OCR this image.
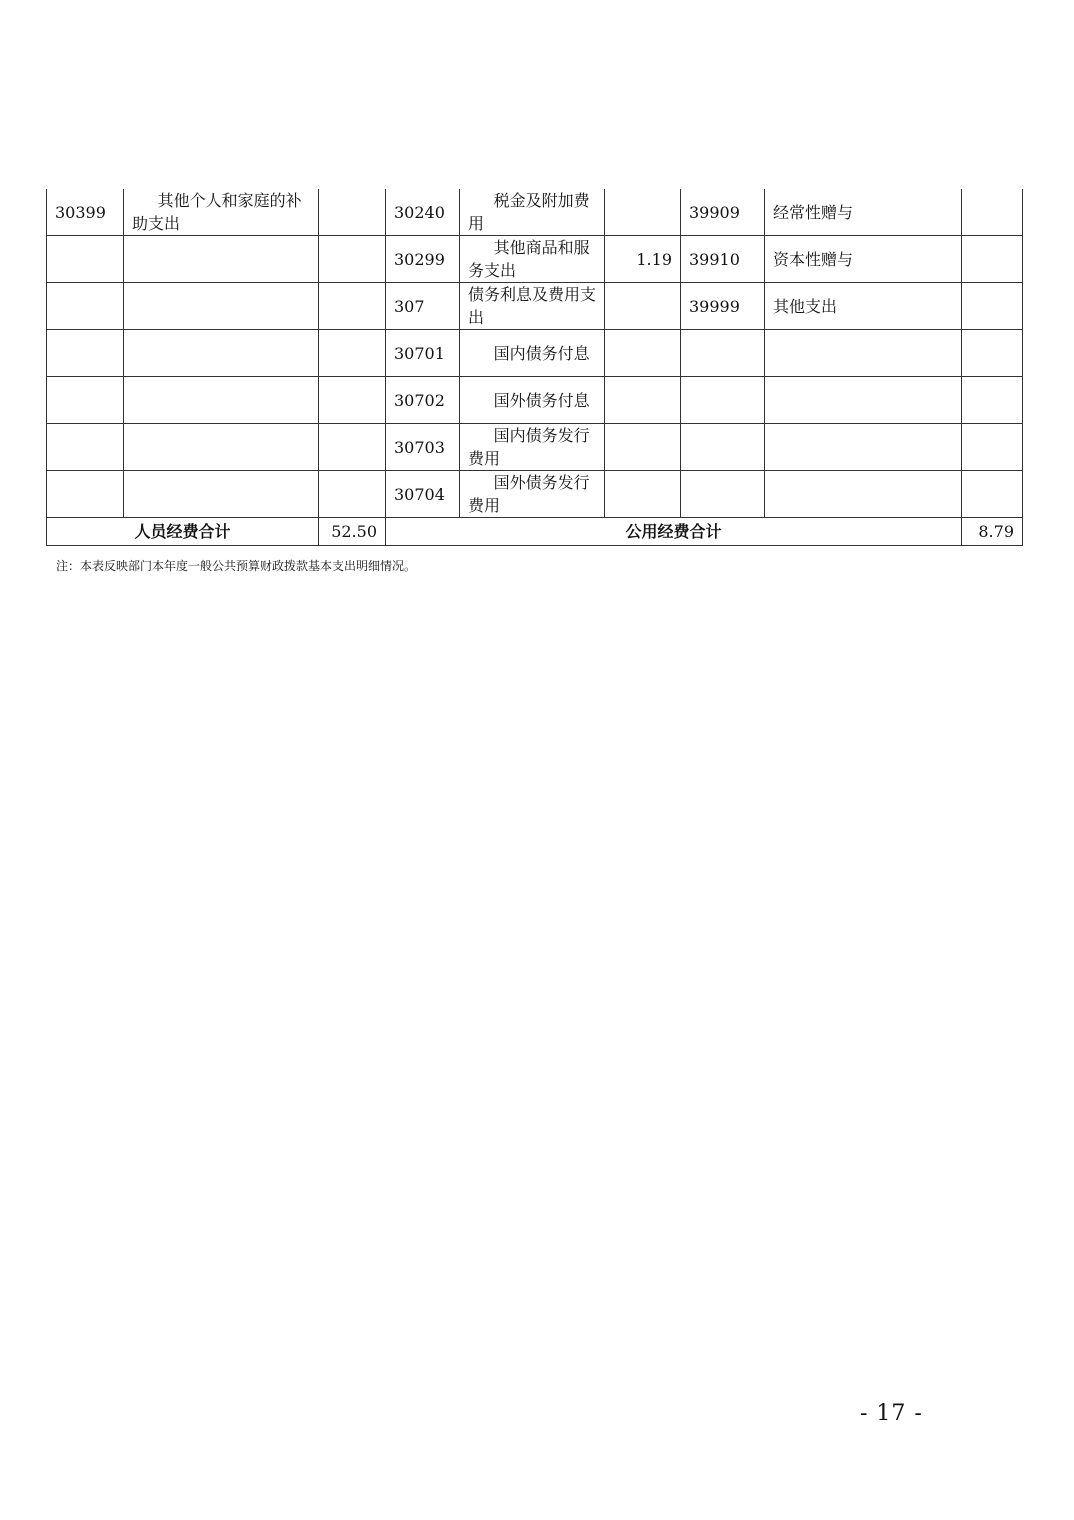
30399	其他个人和家庭的补助支出		30240	税金及附加费用		39909	经常性赠与	
			30299	其他商品和服务支出	1.19	39910	资本性赠与	
			307	债务利息及费用支出		39999	其他支出	
			30701	国内债务付息				
			30702	国外债务付息				
			30703	国内债务发行费用				
			30704	国外债务发行费用				
人员经费合计		52.50	公用经费合计					8.79

注：本表反映部门本年度一般公共预算财政拨款基本支出明细情况。

- 17 -
